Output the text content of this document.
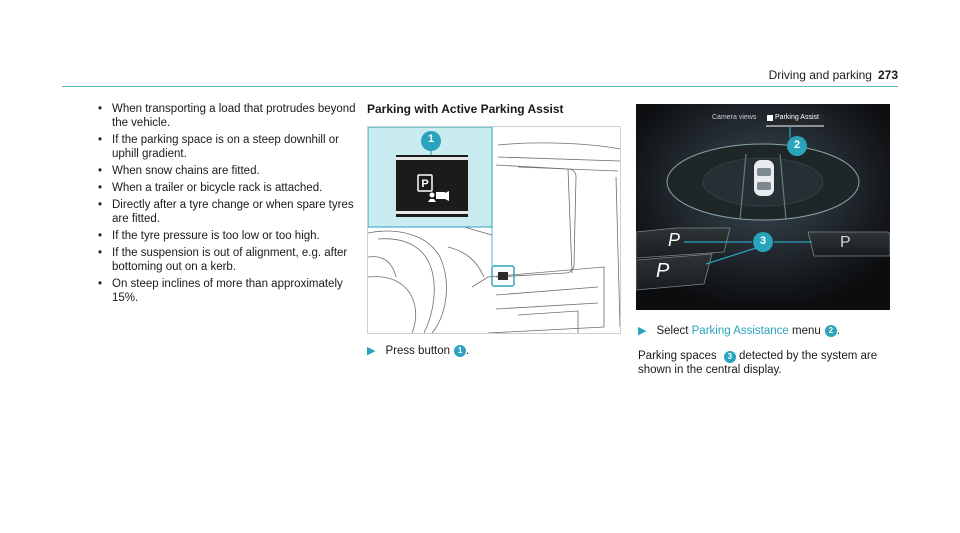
Driving and parking 273
• When transporting a load that protrudes beyond the vehicle.
• If the parking space is on a steep downhill or uphill gradient.
• When snow chains are fitted.
• When a trailer or bicycle rack is attached.
• Directly after a tyre change or when spare tyres are fitted.
• If the tyre pressure is too low or too high.
• If the suspension is out of alignment, e.g. after bottoming out on a kerb.
• On steep inclines of more than approximately 15%.
Parking with Active Parking Assist
P
1
▶ Press button 1 .
Camera views	Parking Assist
2
3
P
P
P
▶ Select
Parking Assistance
menu 2 .
Parking spaces 3 detected by the system are shown in the central display.
